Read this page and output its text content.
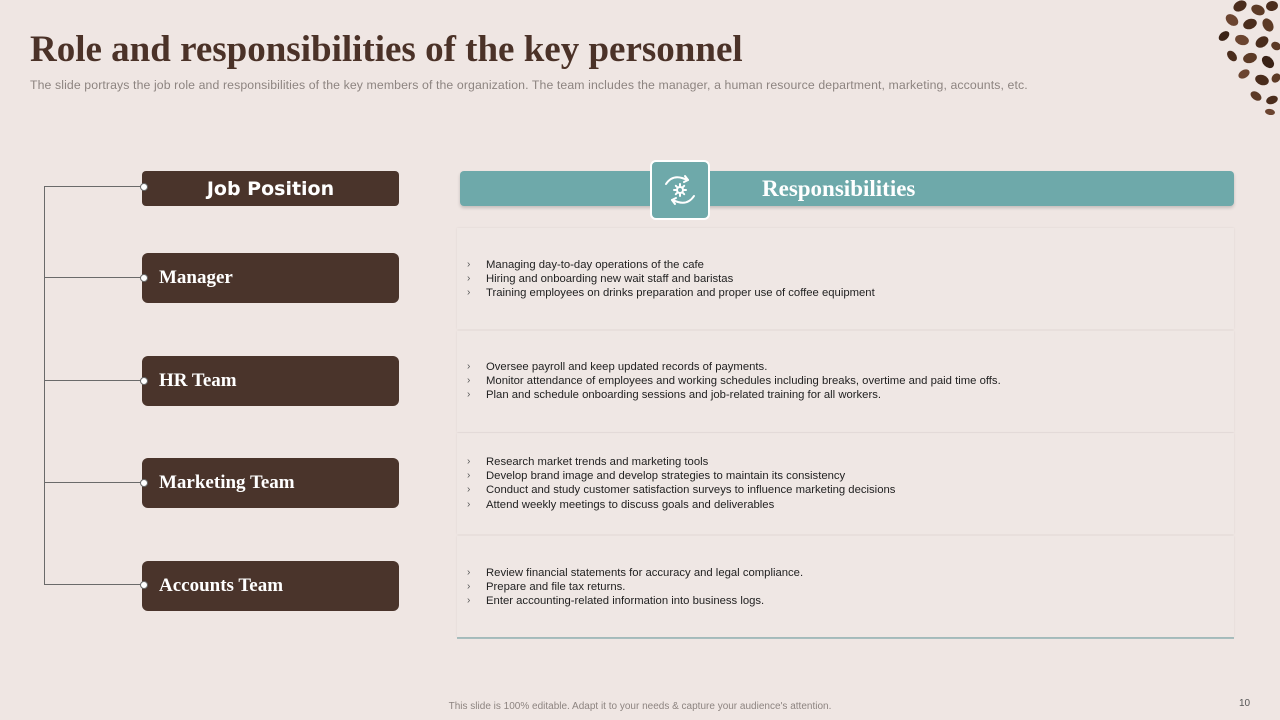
Role and responsibilities of the key personnel
The slide portrays the job role and responsibilities of the key members of the organization. The team includes the manager, a human resource department, marketing, accounts, etc.
Job Position
Manager
HR Team
Marketing Team
Accounts Team
Responsibilities
› Managing day-to-day operations of the cafe
› Hiring and onboarding new wait staff and baristas
› Training employees on drinks preparation and proper use of coffee equipment
› Oversee payroll and keep updated records of payments.
› Monitor attendance of employees and working schedules including breaks, overtime and paid time offs.
› Plan and schedule onboarding sessions and job-related training for all workers.
› Research market trends and marketing tools
› Develop brand image and develop strategies to maintain its consistency
› Conduct and study customer satisfaction surveys to influence marketing decisions
› Attend weekly meetings to discuss goals and deliverables
› Review financial statements for accuracy and legal compliance.
› Prepare and file tax returns.
› Enter accounting-related information into business logs.
This slide is 100% editable. Adapt it to your needs & capture your audience's attention.	10
